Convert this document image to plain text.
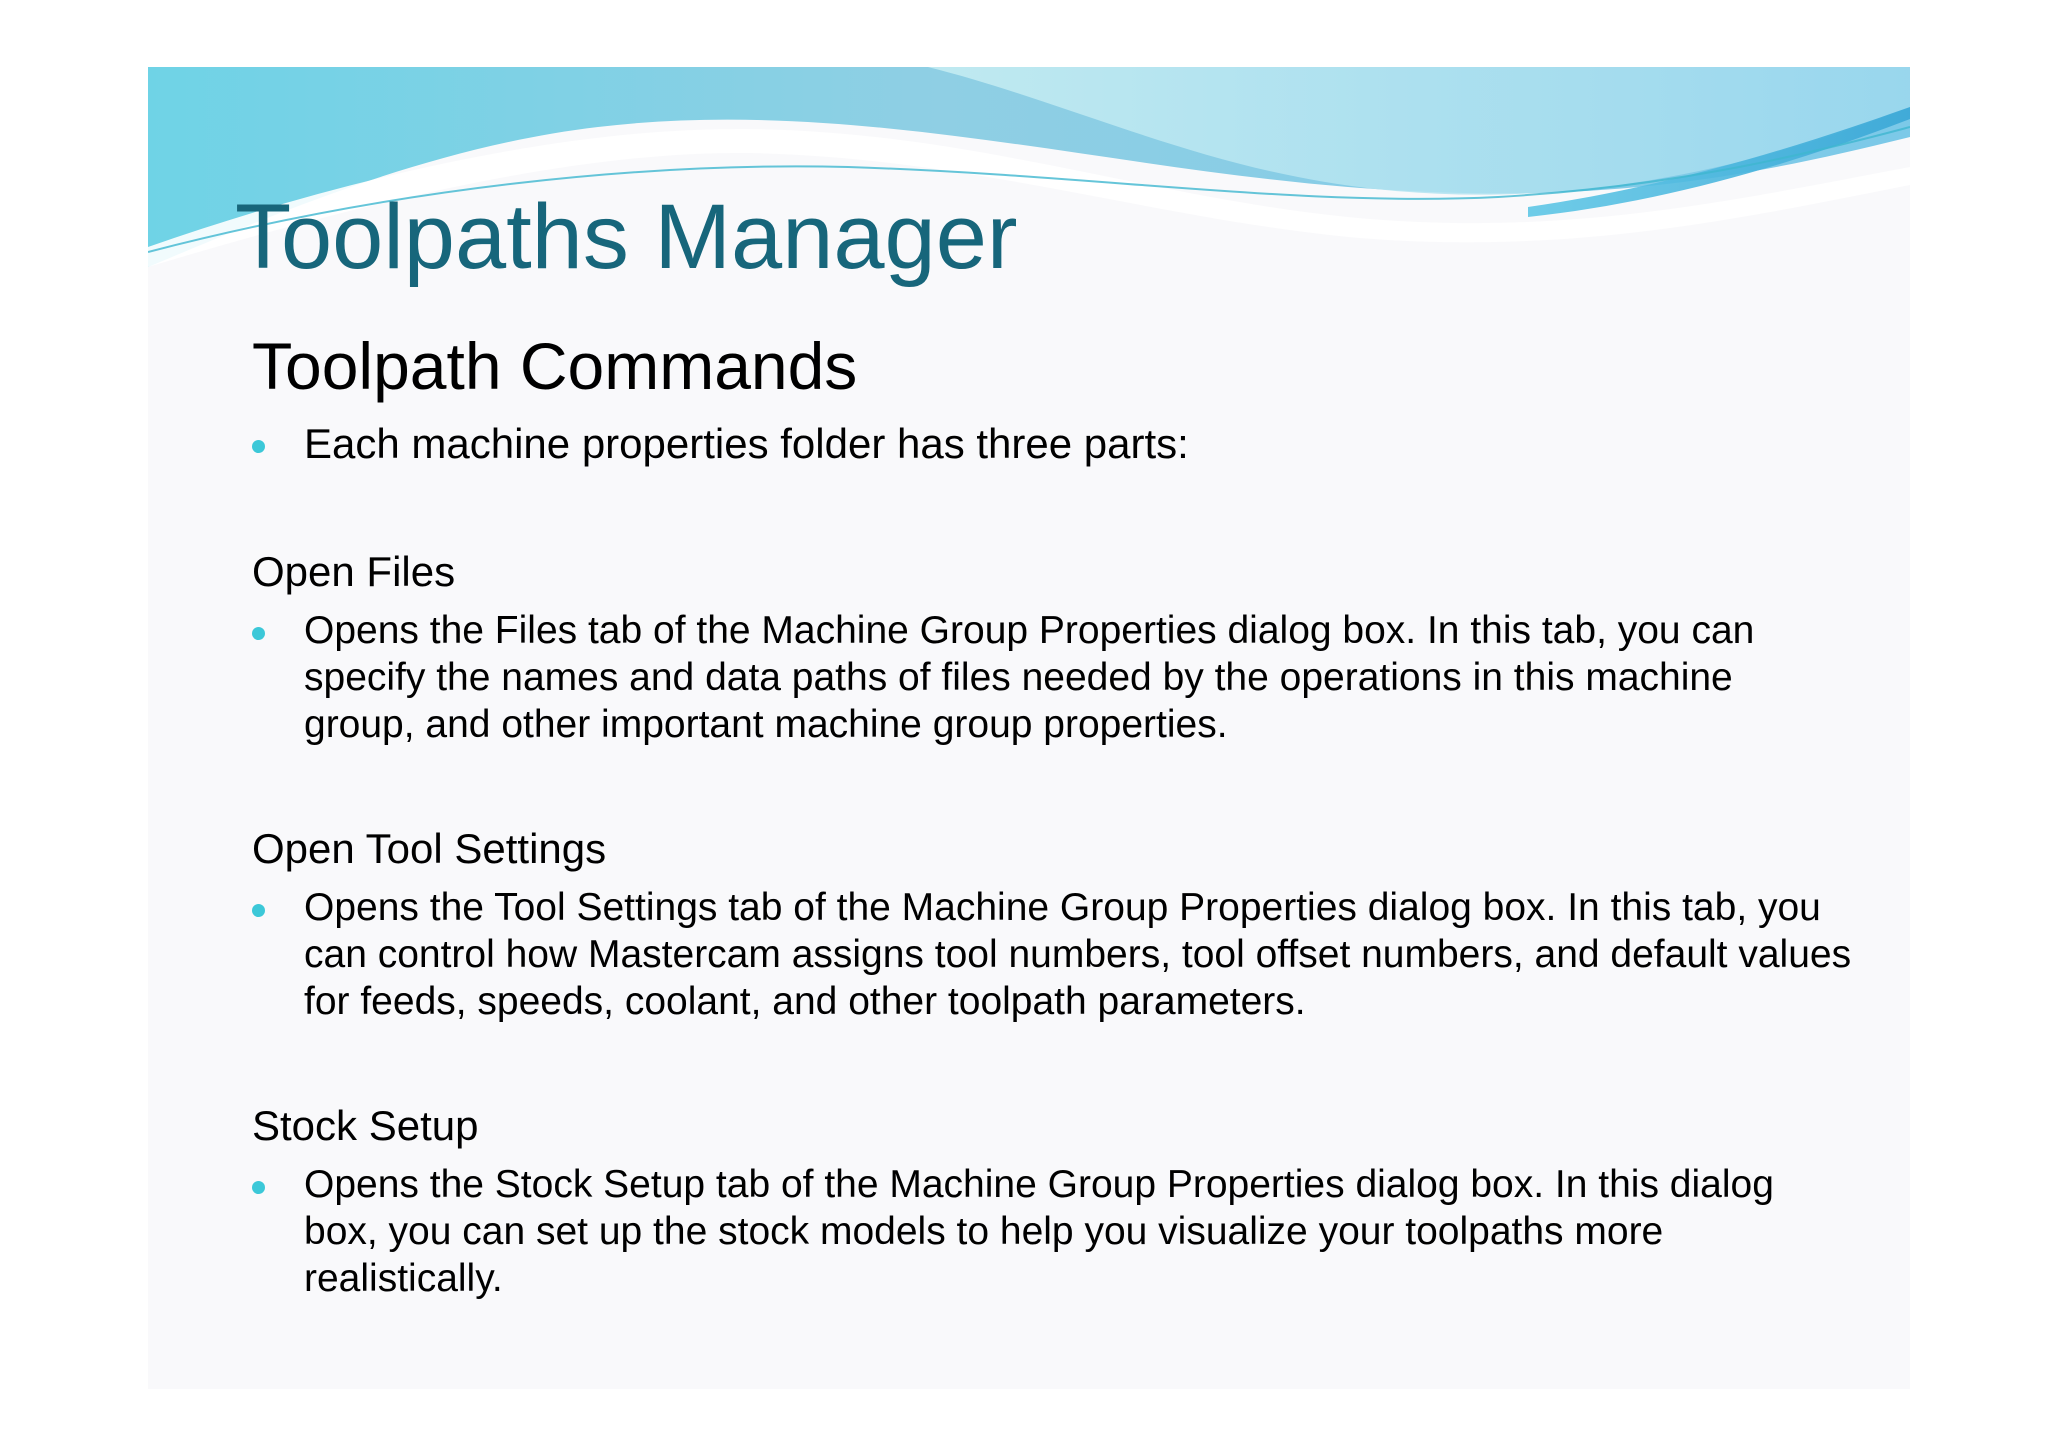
Toolpaths Manager
Toolpath Commands
Each machine properties folder has three parts:
Open Files
Opens the Files tab of the Machine Group Properties dialog box. In this tab, you can specify the names and data paths of files needed by the operations in this machine group, and other important machine group properties.
Open Tool Settings
Opens the Tool Settings tab of the Machine Group Properties dialog box. In this tab, you can control how Mastercam assigns tool numbers, tool offset numbers, and default values for feeds, speeds, coolant, and other toolpath parameters.
Stock Setup
Opens the Stock Setup tab of the Machine Group Properties dialog box. In this dialog box, you can set up the stock models to help you visualize your toolpaths more realistically.
